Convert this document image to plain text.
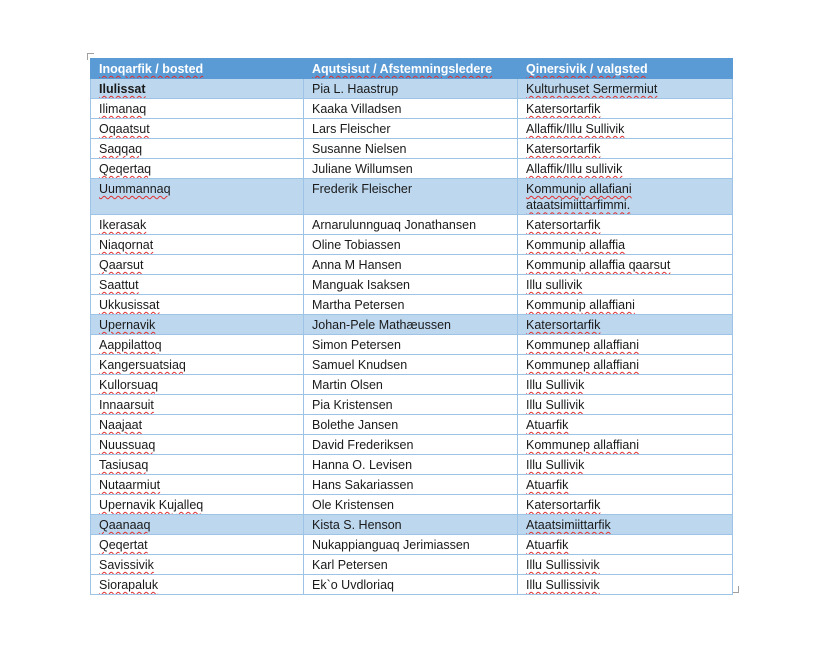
Inoqarfik / bosted	Aqutsisut / Afstemningsledere	Qinersivik / valgsted
Ilulissat	Pia L. Haastrup	Kulturhuset Sermermiut
Ilimanaq	Kaaka Villadsen	Katersortarfik
Oqaatsut	Lars Fleischer	Allaffik/Illu Sullivik
Saqqaq	Susanne Nielsen	Katersortarfik
Qeqertaq	Juliane Willumsen	Allaffik/Illu sullivik
Uummannaq	Frederik Fleischer	Kommunip allafiani ataatsimiittarfimmi.
Ikerasak	Arnarulunnguaq Jonathansen	Katersortarfik
Niaqornat	Oline Tobiassen	Kommunip allaffia
Qaarsut	Anna M Hansen	Kommunip allaffia qaarsut
Saattut	Manguak Isaksen	Illu sullivik
Ukkusissat	Martha Petersen	Kommunip allaffiani
Upernavik	Johan-Pele Mathæussen	Katersortarfik
Aappilattoq	Simon Petersen	Kommunep allaffiani
Kangersuatsiaq	Samuel Knudsen	Kommunep allaffiani
Kullorsuaq	Martin Olsen	Illu Sullivik
Innaarsuit	Pia Kristensen	Illu Sullivik
Naajaat	Bolethe Jansen	Atuarfik
Nuussuaq	David Frederiksen	Kommunep allaffiani
Tasiusaq	Hanna O. Levisen	Illu Sullivik
Nutaarmiut	Hans Sakariassen	Atuarfik
Upernavik Kujalleq	Ole Kristensen	Katersortarfik
Qaanaaq	Kista S. Henson	Ataatsimiittarfik
Qeqertat	Nukappianguaq Jerimiassen	Atuarfik
Savissivik	Karl Petersen	Illu Sullissivik
Siorapaluk	Ek`o Uvdloriaq	Illu Sullissivik
